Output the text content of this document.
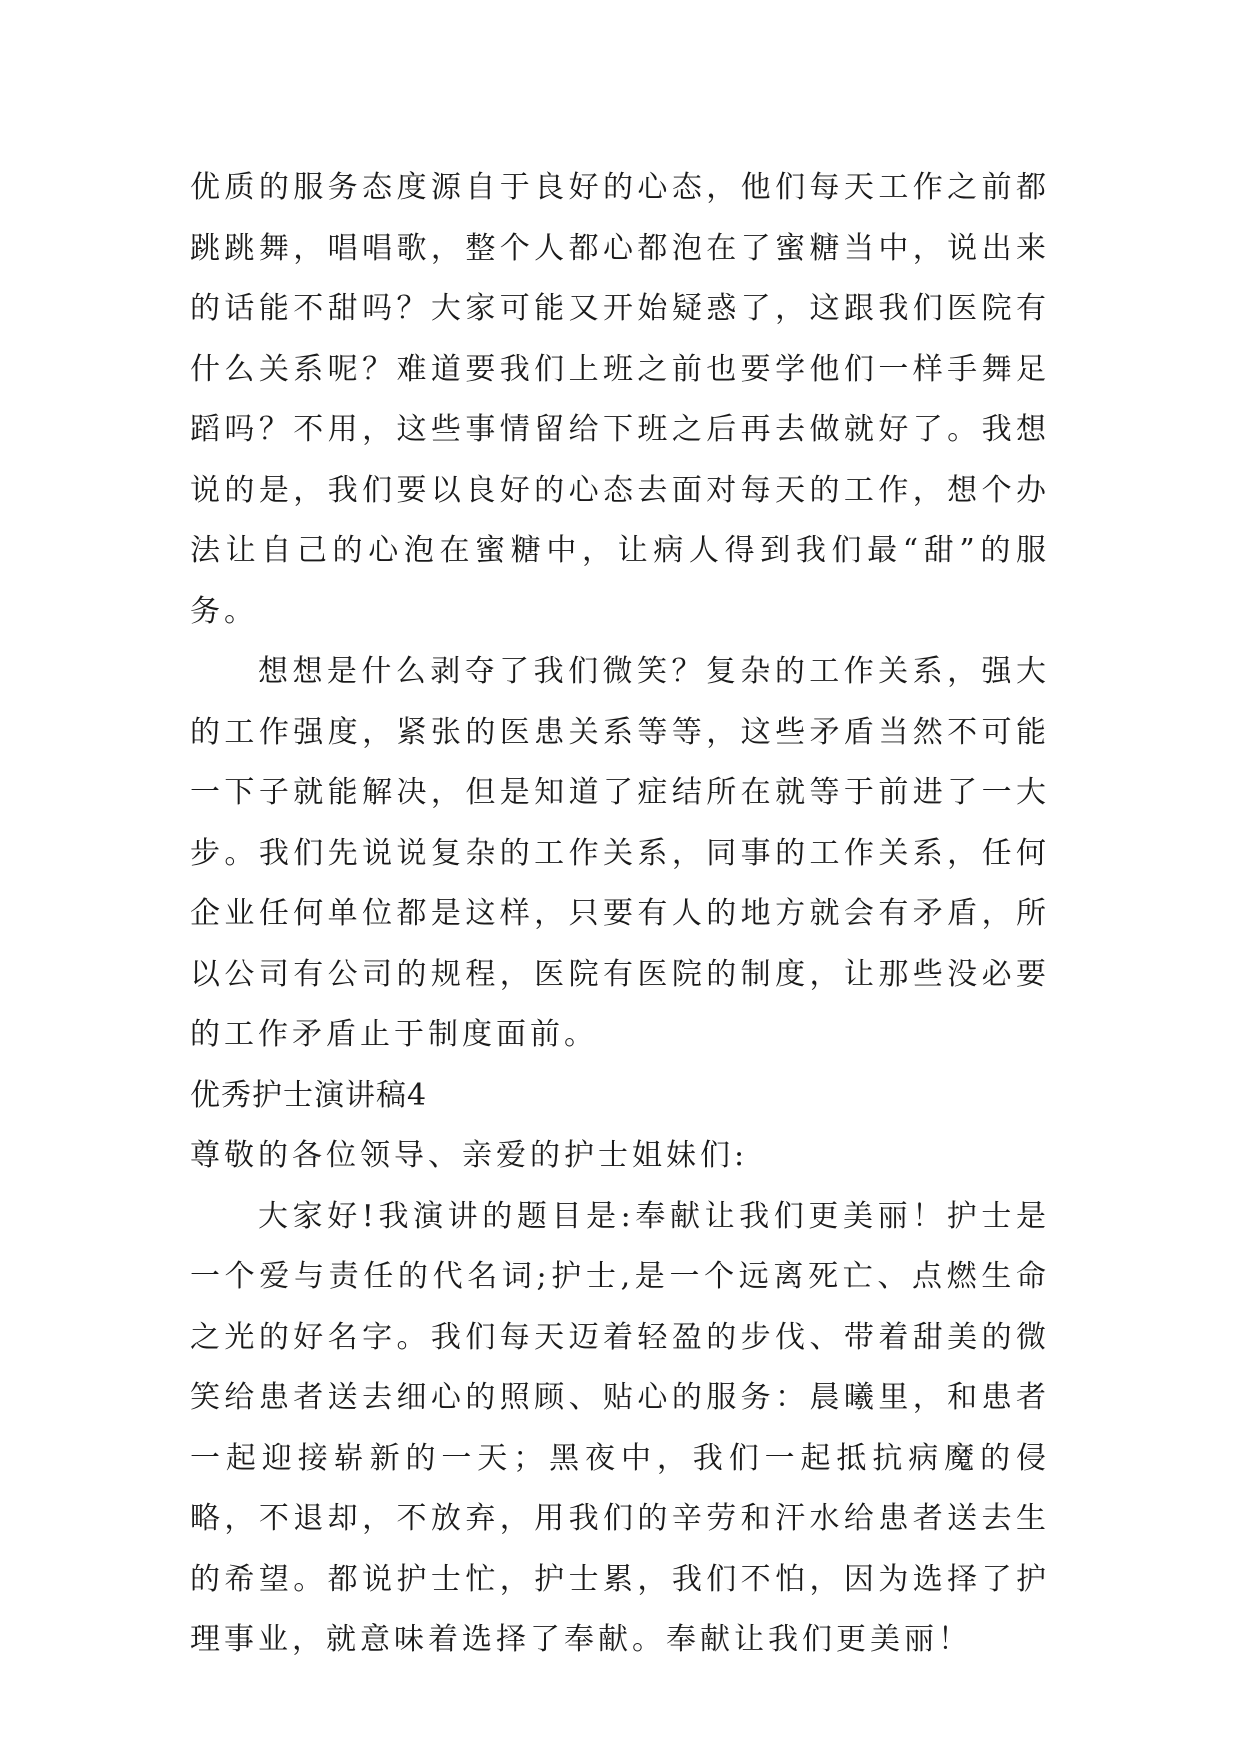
优质的服务态度源自于良好的心态，他们每天工作之前都跳跳舞，唱唱歌，整个人都心都泡在了蜜糖当中，说出来的话能不甜吗？大家可能又开始疑惑了，这跟我们医院有什么关系呢？难道要我们上班之前也要学他们一样手舞足蹈吗？不用，这些事情留给下班之后再去做就好了。我想说的是，我们要以良好的心态去面对每天的工作，想个办法让自己的心泡在蜜糖中，让病人得到我们最“甜”的服务。

想想是什么剥夺了我们微笑？复杂的工作关系，强大的工作强度，紧张的医患关系等等，这些矛盾当然不可能一下子就能解决，但是知道了症结所在就等于前进了一大步。我们先说说复杂的工作关系，同事的工作关系，任何企业任何单位都是这样，只要有人的地方就会有矛盾，所以公司有公司的规程，医院有医院的制度，让那些没必要的工作矛盾止于制度面前。

优秀护士演讲稿4

尊敬的各位领导、亲爱的护士姐妹们:

大家好!我演讲的题目是:奉献让我们更美丽！护士是一个爱与责任的代名词;护士,是一个远离死亡、点燃生命之光的好名字。我们每天迈着轻盈的步伐、带着甜美的微笑给患者送去细心的照顾、贴心的服务：晨曦里，和患者一起迎接崭新的一天；黑夜中，我们一起抵抗病魔的侵略，不退却，不放弃，用我们的辛劳和汗水给患者送去生的希望。都说护士忙，护士累，我们不怕，因为选择了护理事业，就意味着选择了奉献。奉献让我们更美丽！
